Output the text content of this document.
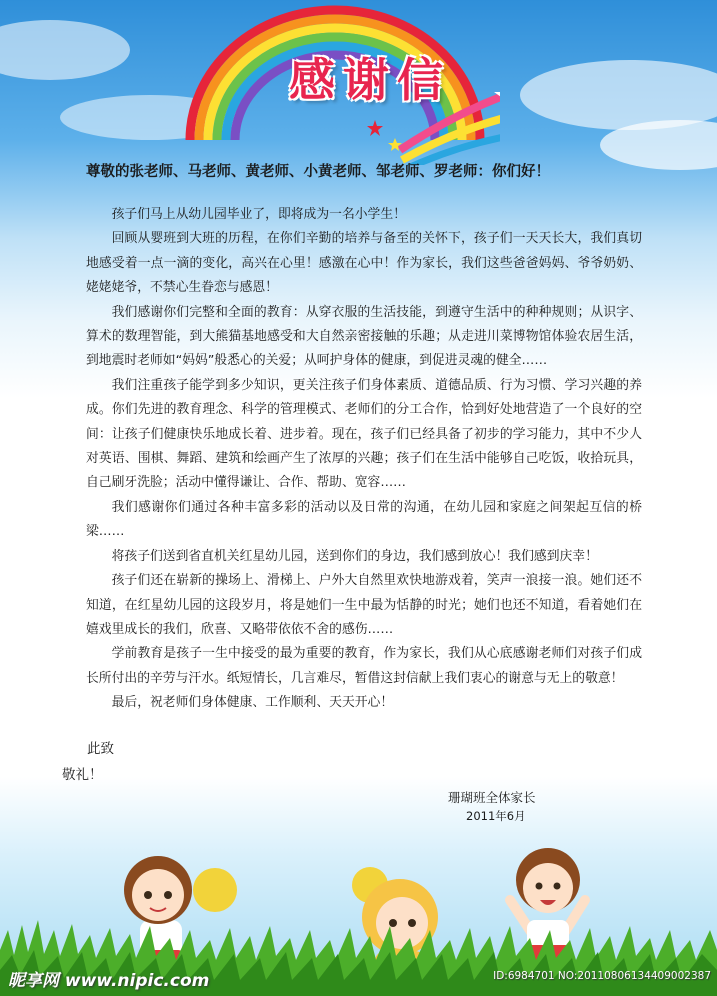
感谢信
尊敬的张老师、马老师、黄老师、小黄老师、邹老师、罗老师：你们好！

孩子们马上从幼儿园毕业了，即将成为一名小学生！

回顾从婴班到大班的历程，在你们辛勤的培养与备至的关怀下，孩子们一天天长大，我们真切地感受着一点一滴的变化，高兴在心里！感激在心中！作为家长，我们这些爸爸妈妈、爷爷奶奶、姥姥姥爷，不禁心生眷恋与感恩！

我们感谢你们完整和全面的教育：从穿衣服的生活技能，到遵守生活中的种种规则；从识字、算术的数理智能，到大熊猫基地感受和大自然亲密接触的乐趣；从走进川菜博物馆体验农居生活，到地震时老师如“妈妈”般悉心的关爱；从呵护身体的健康，到促进灵魂的健全……

我们注重孩子能学到多少知识，更关注孩子们身体素质、道德品质、行为习惯、学习兴趣的养成。你们先进的教育理念、科学的管理模式、老师们的分工合作，恰到好处地营造了一个良好的空间：让孩子们健康快乐地成长着、进步着。现在，孩子们已经具备了初步的学习能力，其中不少人对英语、围棋、舞蹈、建筑和绘画产生了浓厚的兴趣；孩子们在生活中能够自己吃饭，收拾玩具，自己刷牙洗脸；活动中懂得谦让、合作、帮助、宽容……

我们感谢你们通过各种丰富多彩的活动以及日常的沟通，在幼儿园和家庭之间架起互信的桥梁……

将孩子们送到省直机关红星幼儿园，送到你们的身边，我们感到放心！我们感到庆幸！

孩子们还在崭新的操场上、滑梯上、户外大自然里欢快地游戏着，笑声一浪接一浪。她们还不知道，在红星幼儿园的这段岁月，将是她们一生中最为恬静的时光；她们也还不知道，看着她们在嬉戏里成长的我们，欣喜、又略带依依不舍的感伤……

学前教育是孩子一生中接受的最为重要的教育，作为家长，我们从心底感谢老师们对孩子们成长所付出的辛劳与汗水。纸短情长，几言难尽，暂借这封信献上我们衷心的谢意与无上的敬意！

最后，祝老师们身体健康、工作顺利、天天开心！

此致
敬礼！
珊瑚班全体家长
2011年6月
昵享网 www.nipic.com	ID:6984701 NO:20110806134409002387
